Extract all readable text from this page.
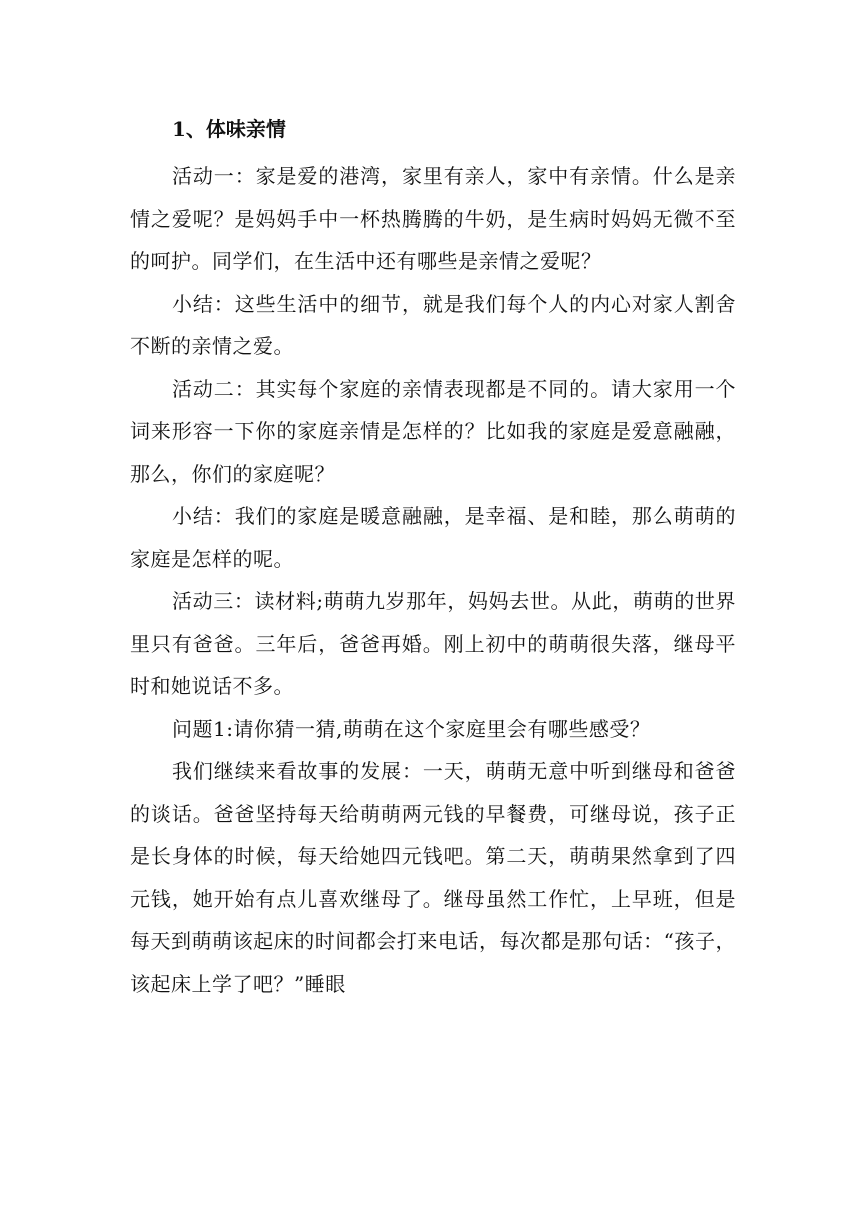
1、体味亲情

活动一：家是爱的港湾，家里有亲人，家中有亲情。什么是亲情之爱呢？是妈妈手中一杯热腾腾的牛奶，是生病时妈妈无微不至的呵护。同学们，在生活中还有哪些是亲情之爱呢？

小结：这些生活中的细节，就是我们每个人的内心对家人割舍不断的亲情之爱。

活动二：其实每个家庭的亲情表现都是不同的。请大家用一个词来形容一下你的家庭亲情是怎样的？比如我的家庭是爱意融融，那么，你们的家庭呢？

小结：我们的家庭是暖意融融，是幸福、是和睦，那么萌萌的家庭是怎样的呢。

活动三：读材料;萌萌九岁那年，妈妈去世。从此，萌萌的世界里只有爸爸。三年后，爸爸再婚。刚上初中的萌萌很失落，继母平时和她说话不多。

问题1:请你猜一猜,萌萌在这个家庭里会有哪些感受？

我们继续来看故事的发展：一天，萌萌无意中听到继母和爸爸的谈话。爸爸坚持每天给萌萌两元钱的早餐费，可继母说，孩子正是长身体的时候，每天给她四元钱吧。第二天，萌萌果然拿到了四元钱，她开始有点儿喜欢继母了。继母虽然工作忙，上早班，但是每天到萌萌该起床的时间都会打来电话，每次都是那句话：“孩子，该起床上学了吧？”睡眼
